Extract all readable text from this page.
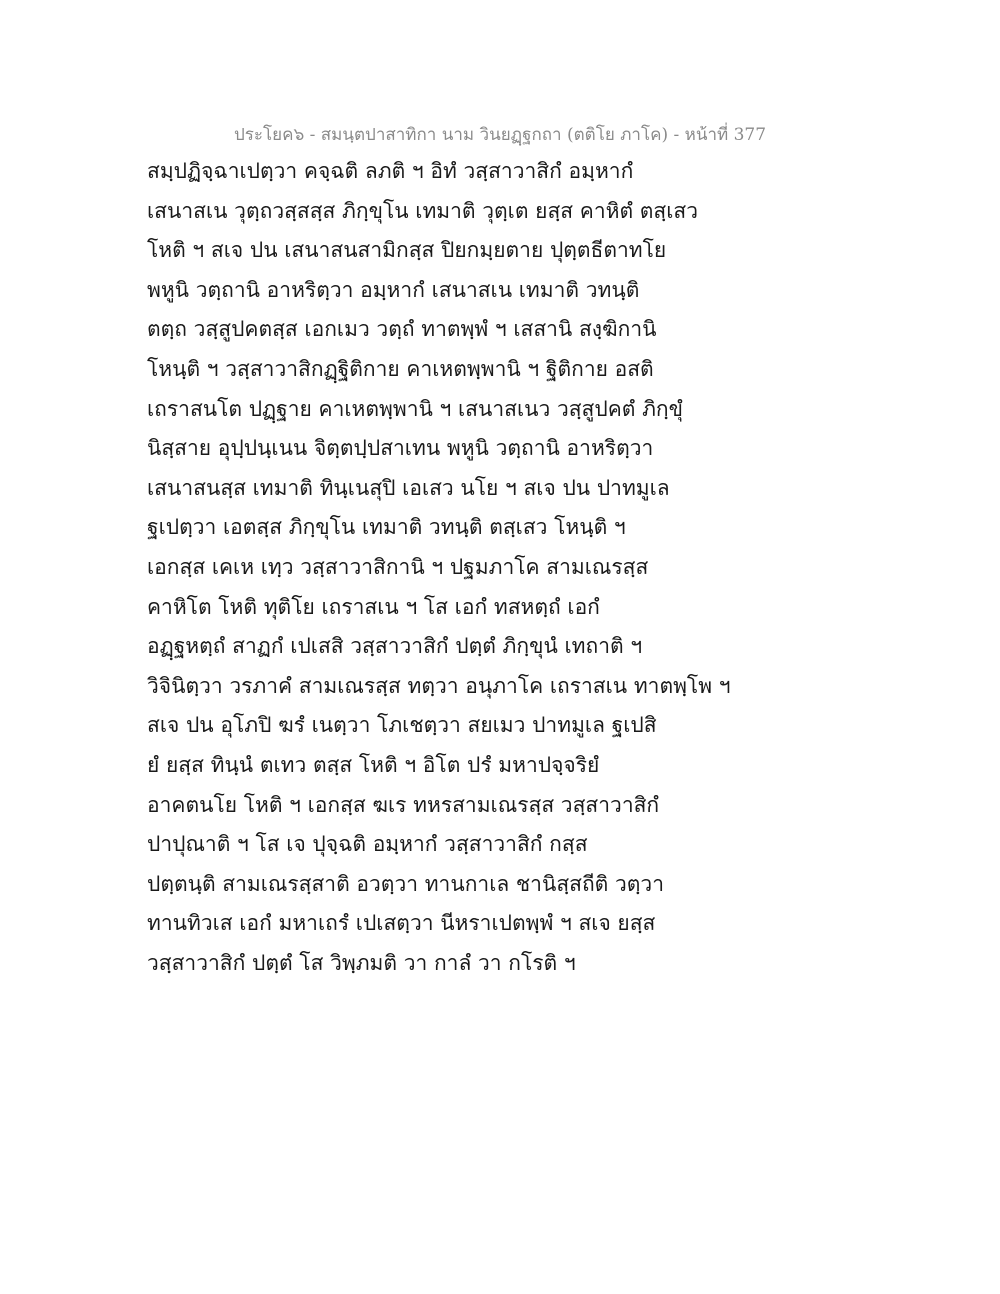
ประโยค๖ - สมนฺตปาสาทิกา นาม วินยฏฺฐกถา (ตติโย ภาโค) - หน้าที่ 377
สมฺปฏิจฺฉาเปตฺวา คจฺฉติ ลภติ ฯ อิทํ วสฺสาวาสิกํ อมฺหากํ
เสนาสเน วุตฺถวสฺสสฺส ภิกฺขุโน เทมาติ วุตฺเต ยสฺส คาหิตํ ตสฺเสว
โหติ ฯ สเจ ปน เสนาสนสามิกสฺส ปิยกมฺยตาย ปุตฺตธีตาทโย
พหูนิ วตฺถานิ อาหริตฺวา อมฺหากํ เสนาสเน เทมาติ วทนฺติ
ตตฺถ วสฺสูปคตสฺส เอกเมว วตฺถํ ทาตพฺพํ ฯ เสสานิ สงฺฆิกานิ
โหนฺติ ฯ วสฺสาวาสิกฏฺฐิติกาย คาเหตพฺพานิ ฯ ฐิติกาย อสติ
เถราสนโต ปฏฺฐาย คาเหตพฺพานิ ฯ เสนาสเนว วสฺสูปคตํ ภิกฺขุํ
นิสฺสาย อุปฺปนฺเนน จิตฺตปฺปสาเทน พหูนิ วตฺถานิ อาหริตฺวา
เสนาสนสฺส เทมาติ ทินฺเนสุปิ เอเสว นโย ฯ สเจ ปน ปาทมูเล
ฐเปตฺวา เอตสฺส ภิกฺขุโน เทมาติ วทนฺติ ตสฺเสว โหนฺติ ฯ
เอกสฺส เคเห เทฺว วสฺสาวาสิกานิ ฯ ปฐมภาโค สามเณรสฺส
คาหิโต โหติ ทุติโย เถราสเน ฯ โส เอกํ ทสหตฺถํ เอกํ
อฏฺฐหตฺถํ สาฏกํ เปเสสิ วสฺสาวาสิกํ ปตฺตํ ภิกฺขุนํ เทถาติ ฯ
วิจินิตฺวา วรภาคํ สามเณรสฺส ทตฺวา อนุภาโค เถราสเน ทาตพฺโพ ฯ
สเจ ปน อุโภปิ ฆรํ เนตฺวา โภเชตฺวา สยเมว ปาทมูเล ฐเปสิ
ยํ ยสฺส ทินฺนํ ตเทว ตสฺส โหติ ฯ อิโต ปรํ มหาปจฺจริยํ
อาคตนโย โหติ ฯ เอกสฺส ฆเร ทหรสามเณรสฺส วสฺสาวาสิกํ
ปาปุณาติ ฯ โส เจ ปุจฺฉติ อมฺหากํ วสฺสาวาสิกํ กสฺส
ปตฺตนฺติ สามเณรสฺสาติ อวตฺวา ทานกาเล ชานิสฺสถีติ วตฺวา
ทานทิวเส เอกํ มหาเถรํ เปเสตฺวา นีหราเปตพฺพํ ฯ สเจ ยสฺส
วสฺสาวาสิกํ ปตฺตํ โส วิพฺภมติ วา กาลํ วา กโรติ ฯ
